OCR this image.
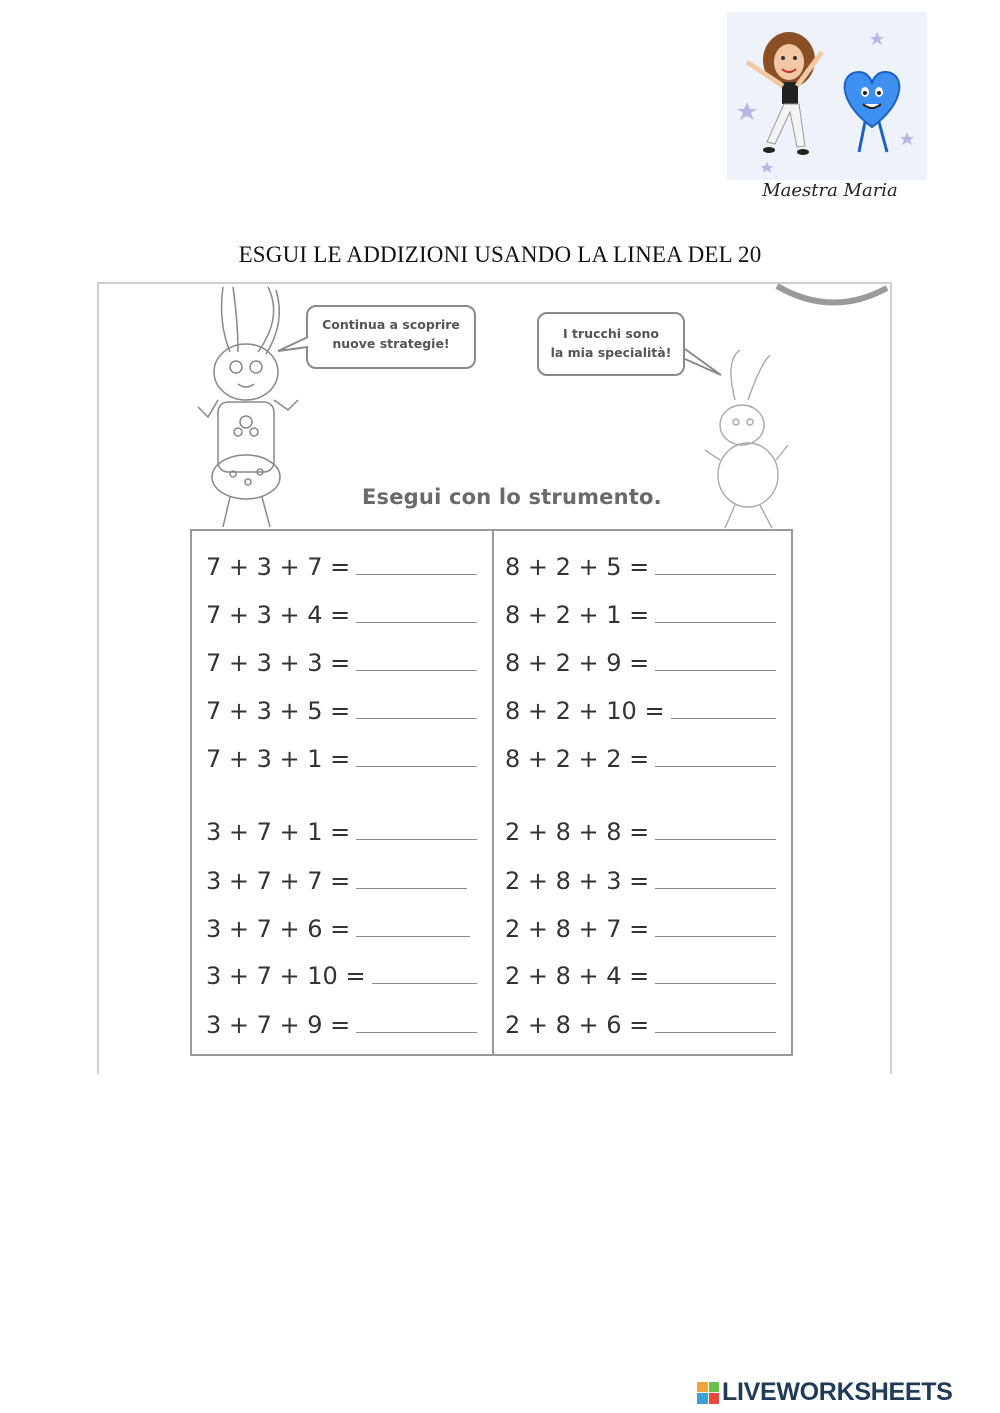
Maestra Maria
ESGUI LE ADDIZIONI USANDO LA LINEA DEL 20
Continua a scoprire
nuove strategie!
I trucchi sono
la mia specialità!
Esegui con lo strumento.
7 + 3 + 7 =
7 + 3 + 4 =
7 + 3 + 3 =
7 + 3 + 5 =
7 + 3 + 1 =
3 + 7 + 1 =
3 + 7 + 7 =
3 + 7 + 6 =
3 + 7 + 10 =
3 + 7 + 9 =
8 + 2 + 5 =
8 + 2 + 1 =
8 + 2 + 9 =
8 + 2 + 10 =
8 + 2 + 2 =
2 + 8 + 8 =
2 + 8 + 3 =
2 + 8 + 7 =
2 + 8 + 4 =
2 + 8 + 6 =
LIVEWORKSHEETS
